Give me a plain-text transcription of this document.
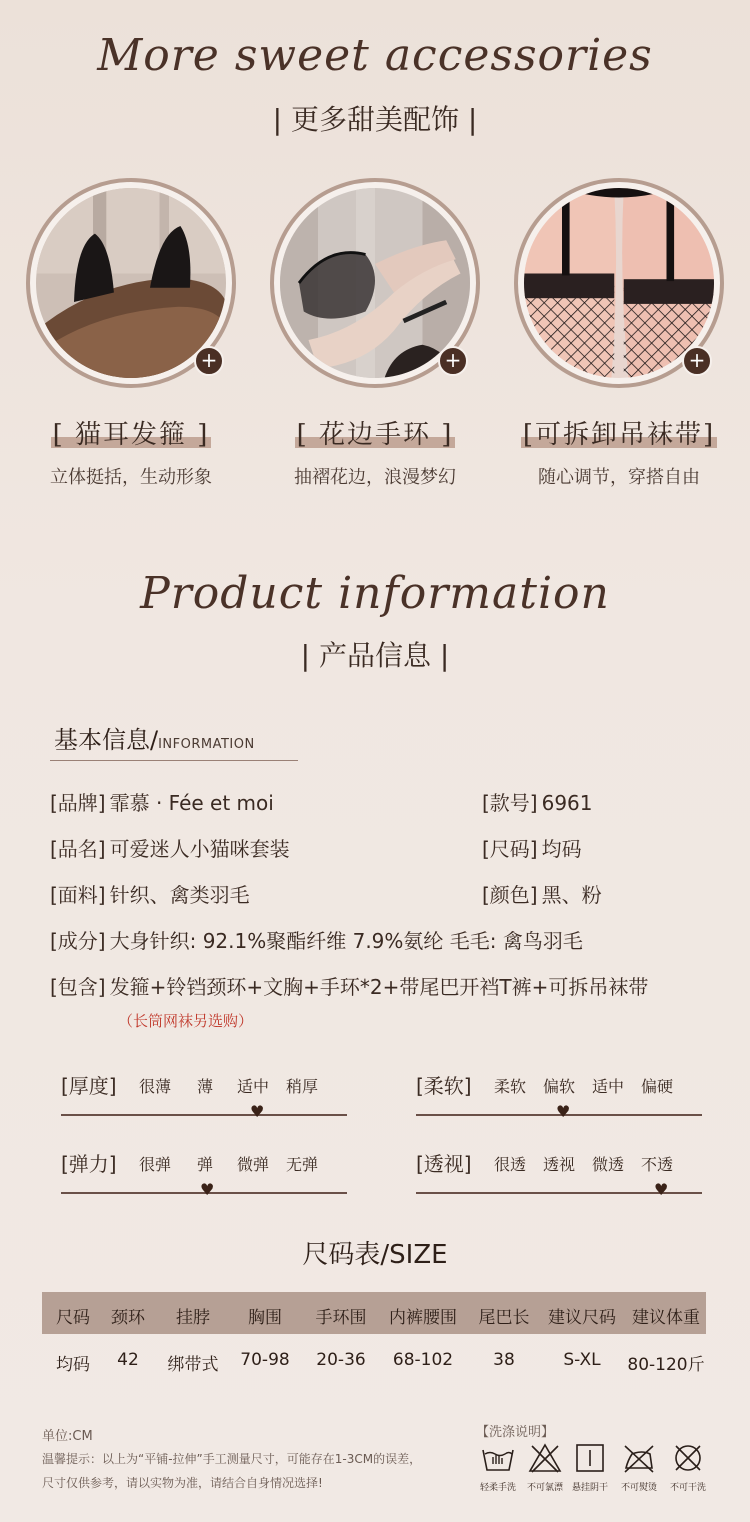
More sweet accessories
| 更多甜美配饰 |
+
[ 猫耳发箍 ]
立体挺括，生动形象
+
[ 花边手环 ]
抽褶花边，浪漫梦幻
+
[可拆卸吊袜带]
随心调节，穿搭自由
Product information
| 产品信息 |
基本信息/INFORMATION
[品牌] 霏慕 · Fée et moi	[款号] 6961
[品名] 可爱迷人小猫咪套装	[尺码] 均码
[面料] 针织、禽类羽毛	[颜色] 黑、粉
[成分] 大身针织: 92.1%聚酯纤维 7.9%氨纶 毛毛: 禽鸟羽毛
[包含] 发箍+铃铛颈环+文胸+手环*2+带尾巴开裆T裤+可拆吊袜带
（长筒网袜另选购）
[厚度] 很薄 薄 适中 稍厚
♥
[柔软] 柔软 偏软 适中 偏硬
♥
[弹力] 很弹 弹 微弹 无弹
♥
[透视] 很透 透视 微透 不透
♥
尺码表/SIZE
尺码	颈环	挂脖	胸围	手环围	内裤腰围	尾巴长	建议尺码 建议体重
均码	42	绑带式	70-98	20-36	68-102	38	S-XL	80-120斤
单位:CM
温馨提示：以上为“平铺-拉伸”手工测量尺寸，可能存在1-3CM的误差，
尺寸仅供参考，请以实物为准，请结合自身情况选择!
【洗涤说明】
轻柔手洗	不可氯漂 悬挂阴干	不可熨烫	不可干洗
